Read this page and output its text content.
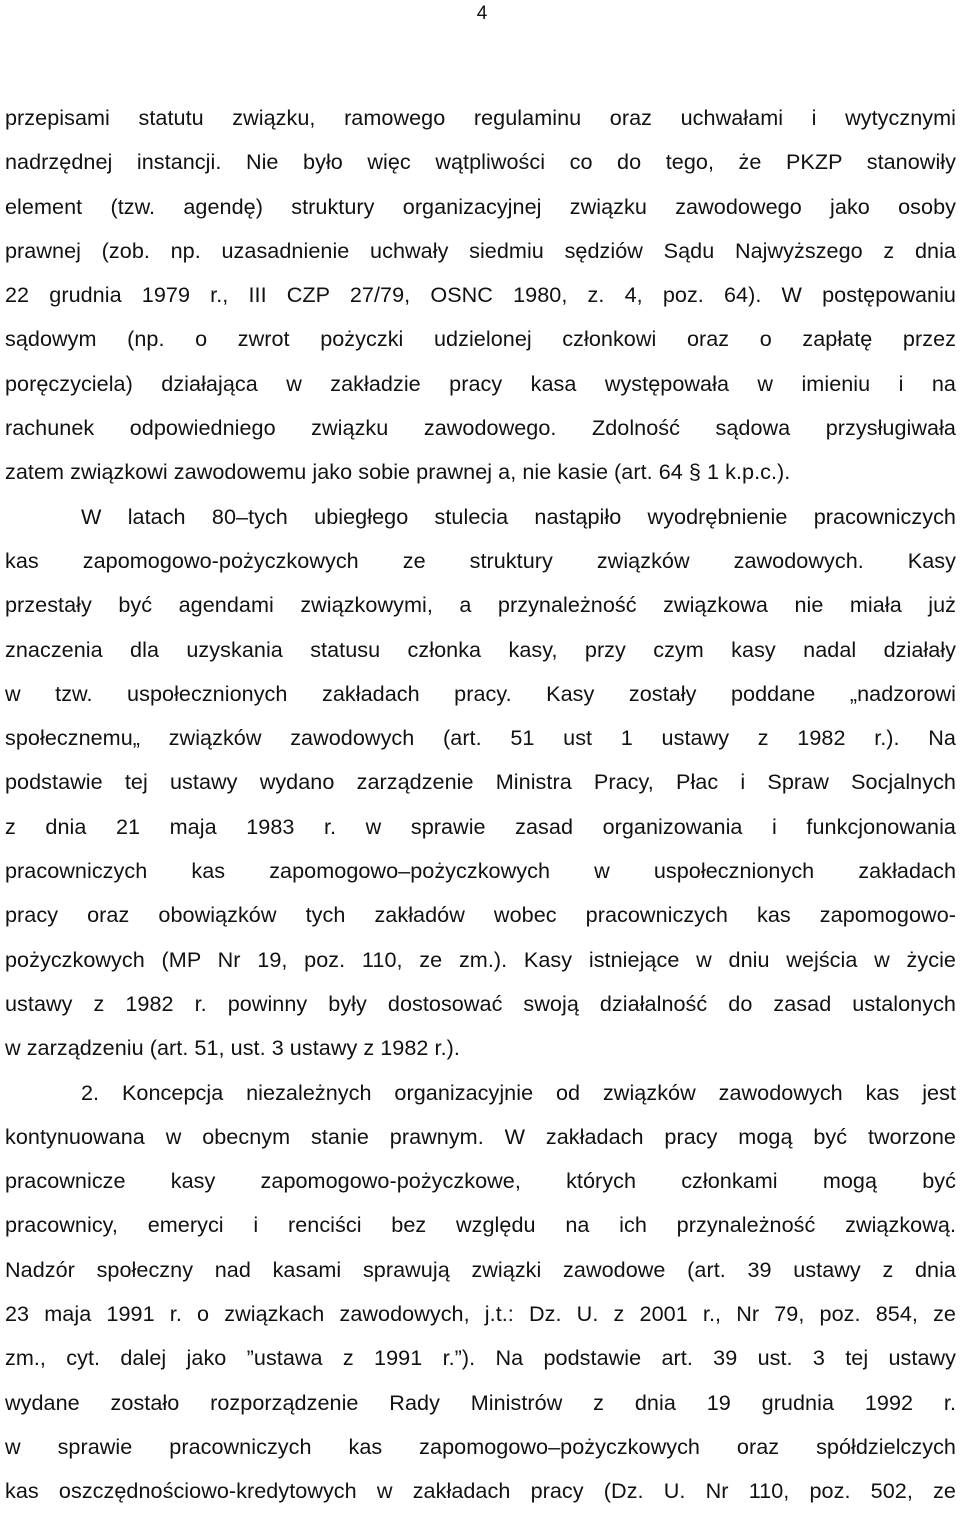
4
przepisami statutu związku, ramowego regulaminu oraz uchwałami i wytycznymi
nadrzędnej instancji. Nie było więc wątpliwości co do tego, że PKZP stanowiły
element (tzw. agendę) struktury organizacyjnej związku zawodowego jako osoby
prawnej (zob. np. uzasadnienie uchwały siedmiu sędziów Sądu Najwyższego z dnia
22 grudnia 1979 r., III CZP 27/79, OSNC 1980, z. 4, poz. 64). W postępowaniu
sądowym (np. o zwrot pożyczki udzielonej członkowi oraz o zapłatę przez
poręczyciela) działająca w zakładzie pracy kasa występowała w imieniu i na
rachunek odpowiedniego związku zawodowego. Zdolność sądowa przysługiwała
zatem związkowi zawodowemu jako sobie prawnej a, nie kasie (art. 64 § 1 k.p.c.).
W latach 80–tych ubiegłego stulecia nastąpiło wyodrębnienie pracowniczych
kas zapomogowo-pożyczkowych ze struktury związków zawodowych. Kasy
przestały być agendami związkowymi, a przynależność związkowa nie miała już
znaczenia dla uzyskania statusu członka kasy, przy czym kasy nadal działały
w tzw. uspołecznionych zakładach pracy. Kasy zostały poddane „nadzorowi
społecznemu„ związków zawodowych (art. 51 ust 1 ustawy z 1982 r.). Na
podstawie tej ustawy wydano zarządzenie Ministra Pracy, Płac i Spraw Socjalnych
z dnia 21 maja 1983 r. w sprawie zasad organizowania i funkcjonowania
pracowniczych kas zapomogowo–pożyczkowych w uspołecznionych zakładach
pracy oraz obowiązków tych zakładów wobec pracowniczych kas zapomogowo-
pożyczkowych (MP Nr 19, poz. 110, ze zm.). Kasy istniejące w dniu wejścia w życie
ustawy z 1982 r. powinny były dostosować swoją działalność do zasad ustalonych
w zarządzeniu (art. 51, ust. 3 ustawy z 1982 r.).
2. Koncepcja niezależnych organizacyjnie od związków zawodowych kas jest
kontynuowana w obecnym stanie prawnym. W zakładach pracy mogą być tworzone
pracownicze kasy zapomogowo-pożyczkowe, których członkami mogą być
pracownicy, emeryci i renciści bez względu na ich przynależność związkową.
Nadzór społeczny nad kasami sprawują związki zawodowe (art. 39 ustawy z dnia
23 maja 1991 r. o związkach zawodowych, j.t.: Dz. U. z 2001 r., Nr 79, poz. 854, ze
zm., cyt. dalej jako ”ustawa z 1991 r.”). Na podstawie art. 39 ust. 3 tej ustawy
wydane zostało rozporządzenie Rady Ministrów z dnia 19 grudnia 1992 r.
w sprawie pracowniczych kas zapomogowo–pożyczkowych oraz spółdzielczych
kas oszczędnościowo-kredytowych w zakładach pracy (Dz. U. Nr 110, poz. 502, ze
